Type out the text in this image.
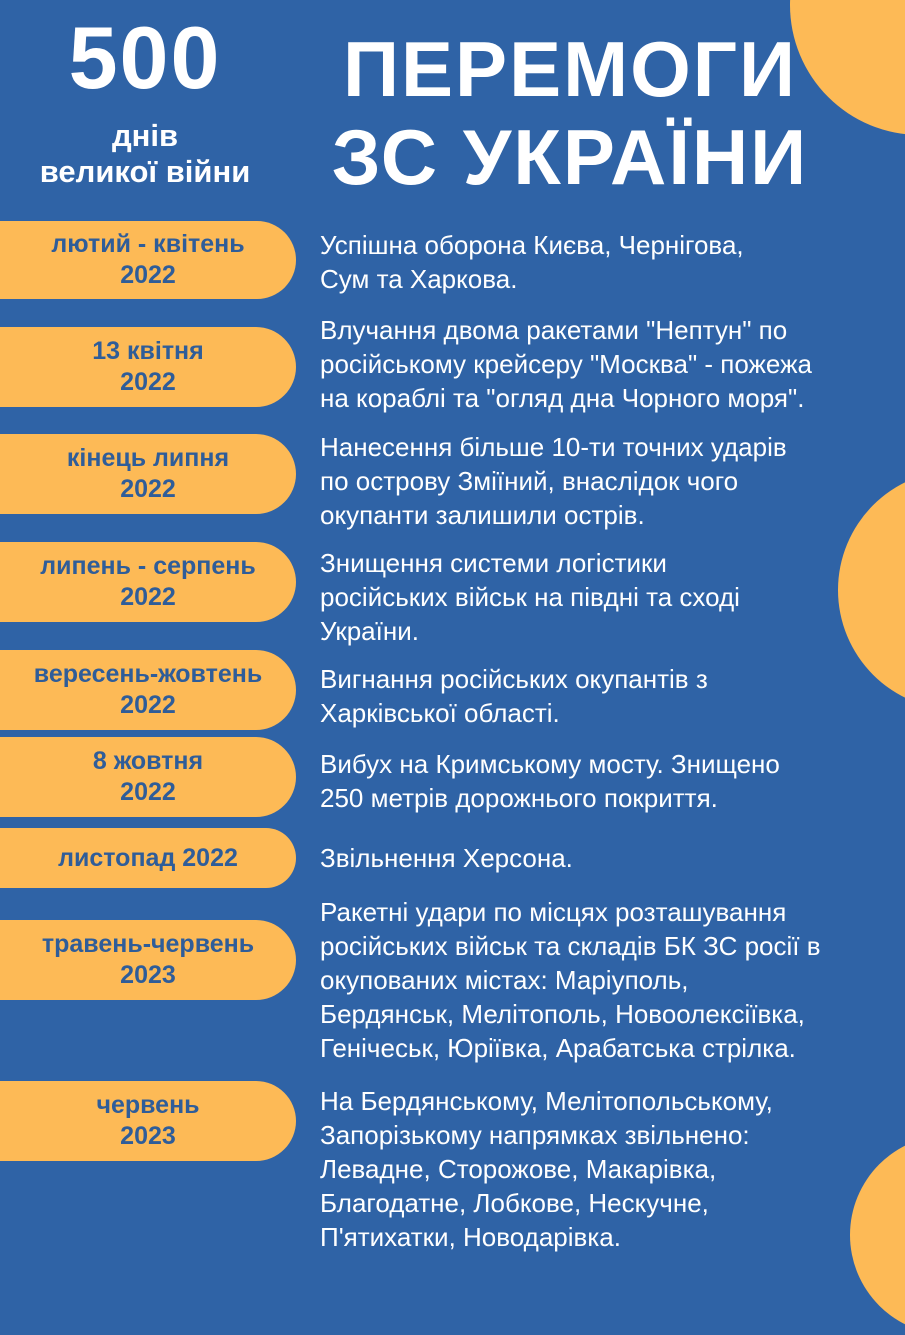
500
днів
великої війни
ПЕРЕМОГИ
ЗС УКРАЇНИ
лютий - квітень
2022
Успішна оборона Києва, Чернігова,
Сум та Харкова.
13 квітня
2022
Влучання двома ракетами "Нептун" по
російському крейсеру "Москва" - пожежа
на кораблі та "огляд дна Чорного моря".
кінець липня
2022
Нанесення більше 10-ти точних ударів
по острову Зміїний, внаслідок чого
окупанти залишили острів.
липень - серпень
2022
Знищення системи логістики
російських військ на півдні та сході
України.
вересень-жовтень
2022
Вигнання російських окупантів з
Харківської області.
8 жовтня
2022
Вибух на Кримському мосту. Знищено
250 метрів дорожнього покриття.
листопад 2022	Звільнення Херсона.
травень-червень
2023
Ракетні удари по місцях розташування
російських військ та складів БК ЗС росії в
окупованих містах: Маріуполь,
Бердянськ, Мелітополь, Новоолексіївка,
Генічеськ, Юріївка, Арабатська стрілка.
червень
2023
На Бердянському, Мелітопольському,
Запорізькому напрямках звільнено:
Левадне, Сторожове, Макарівка,
Благодатне, Лобкове, Нескучне,
П'ятихатки, Новодарівка.
